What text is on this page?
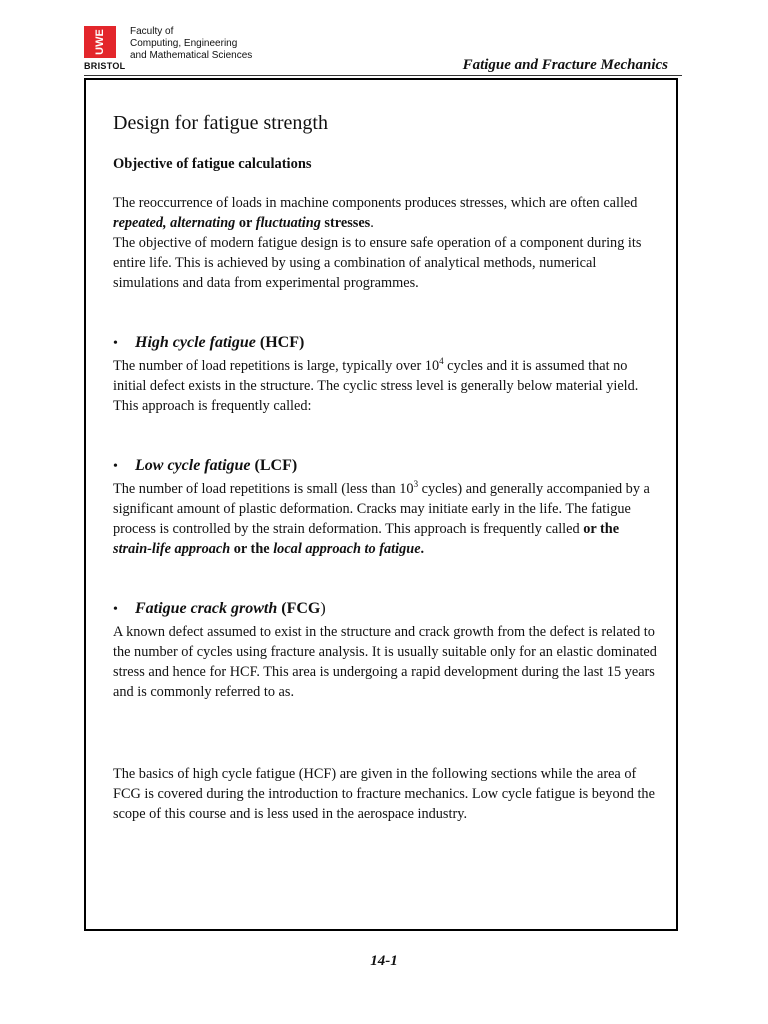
UWE
BRISTOL
Faculty of
Computing, Engineering
and Mathematical Sciences
Fatigue and Fracture Mechanics
Design for fatigue strength
Objective of fatigue calculations

The reoccurrence of loads in machine components produces stresses, which are often called repeated, alternating or fluctuating stresses.

The objective of modern fatigue design is to ensure safe operation of a component during its entire life. This is achieved by using a combination of analytical methods, numerical simulations and data from experimental programmes.

•	High cycle fatigue (HCF)

The number of load repetitions is large, typically over $10^4$ cycles and it is assumed that no initial defect exists in the structure. The cyclic stress level is generally below material yield. This approach is frequently called:

•	Low cycle fatigue (LCF)

The number of load repetitions is small (less than $10^3$ cycles) and generally accompanied by a significant amount of plastic deformation. Cracks may initiate early in the life. The fatigue process is controlled by the strain deformation. This approach is frequently called or the strain-life approach or the local approach to fatigue.

•	Fatigue crack growth (FCG)

A known defect assumed to exist in the structure and crack growth from the defect is related to the number of cycles using fracture analysis. It is usually suitable only for an elastic dominated stress and hence for HCF. This area is undergoing a rapid development during the last 15 years and is commonly referred to as.

The basics of high cycle fatigue (HCF) are given in the following sections while the area of FCG is covered during the introduction to fracture mechanics. Low cycle fatigue is beyond the scope of this course and is less used in the aerospace industry.

14-1
